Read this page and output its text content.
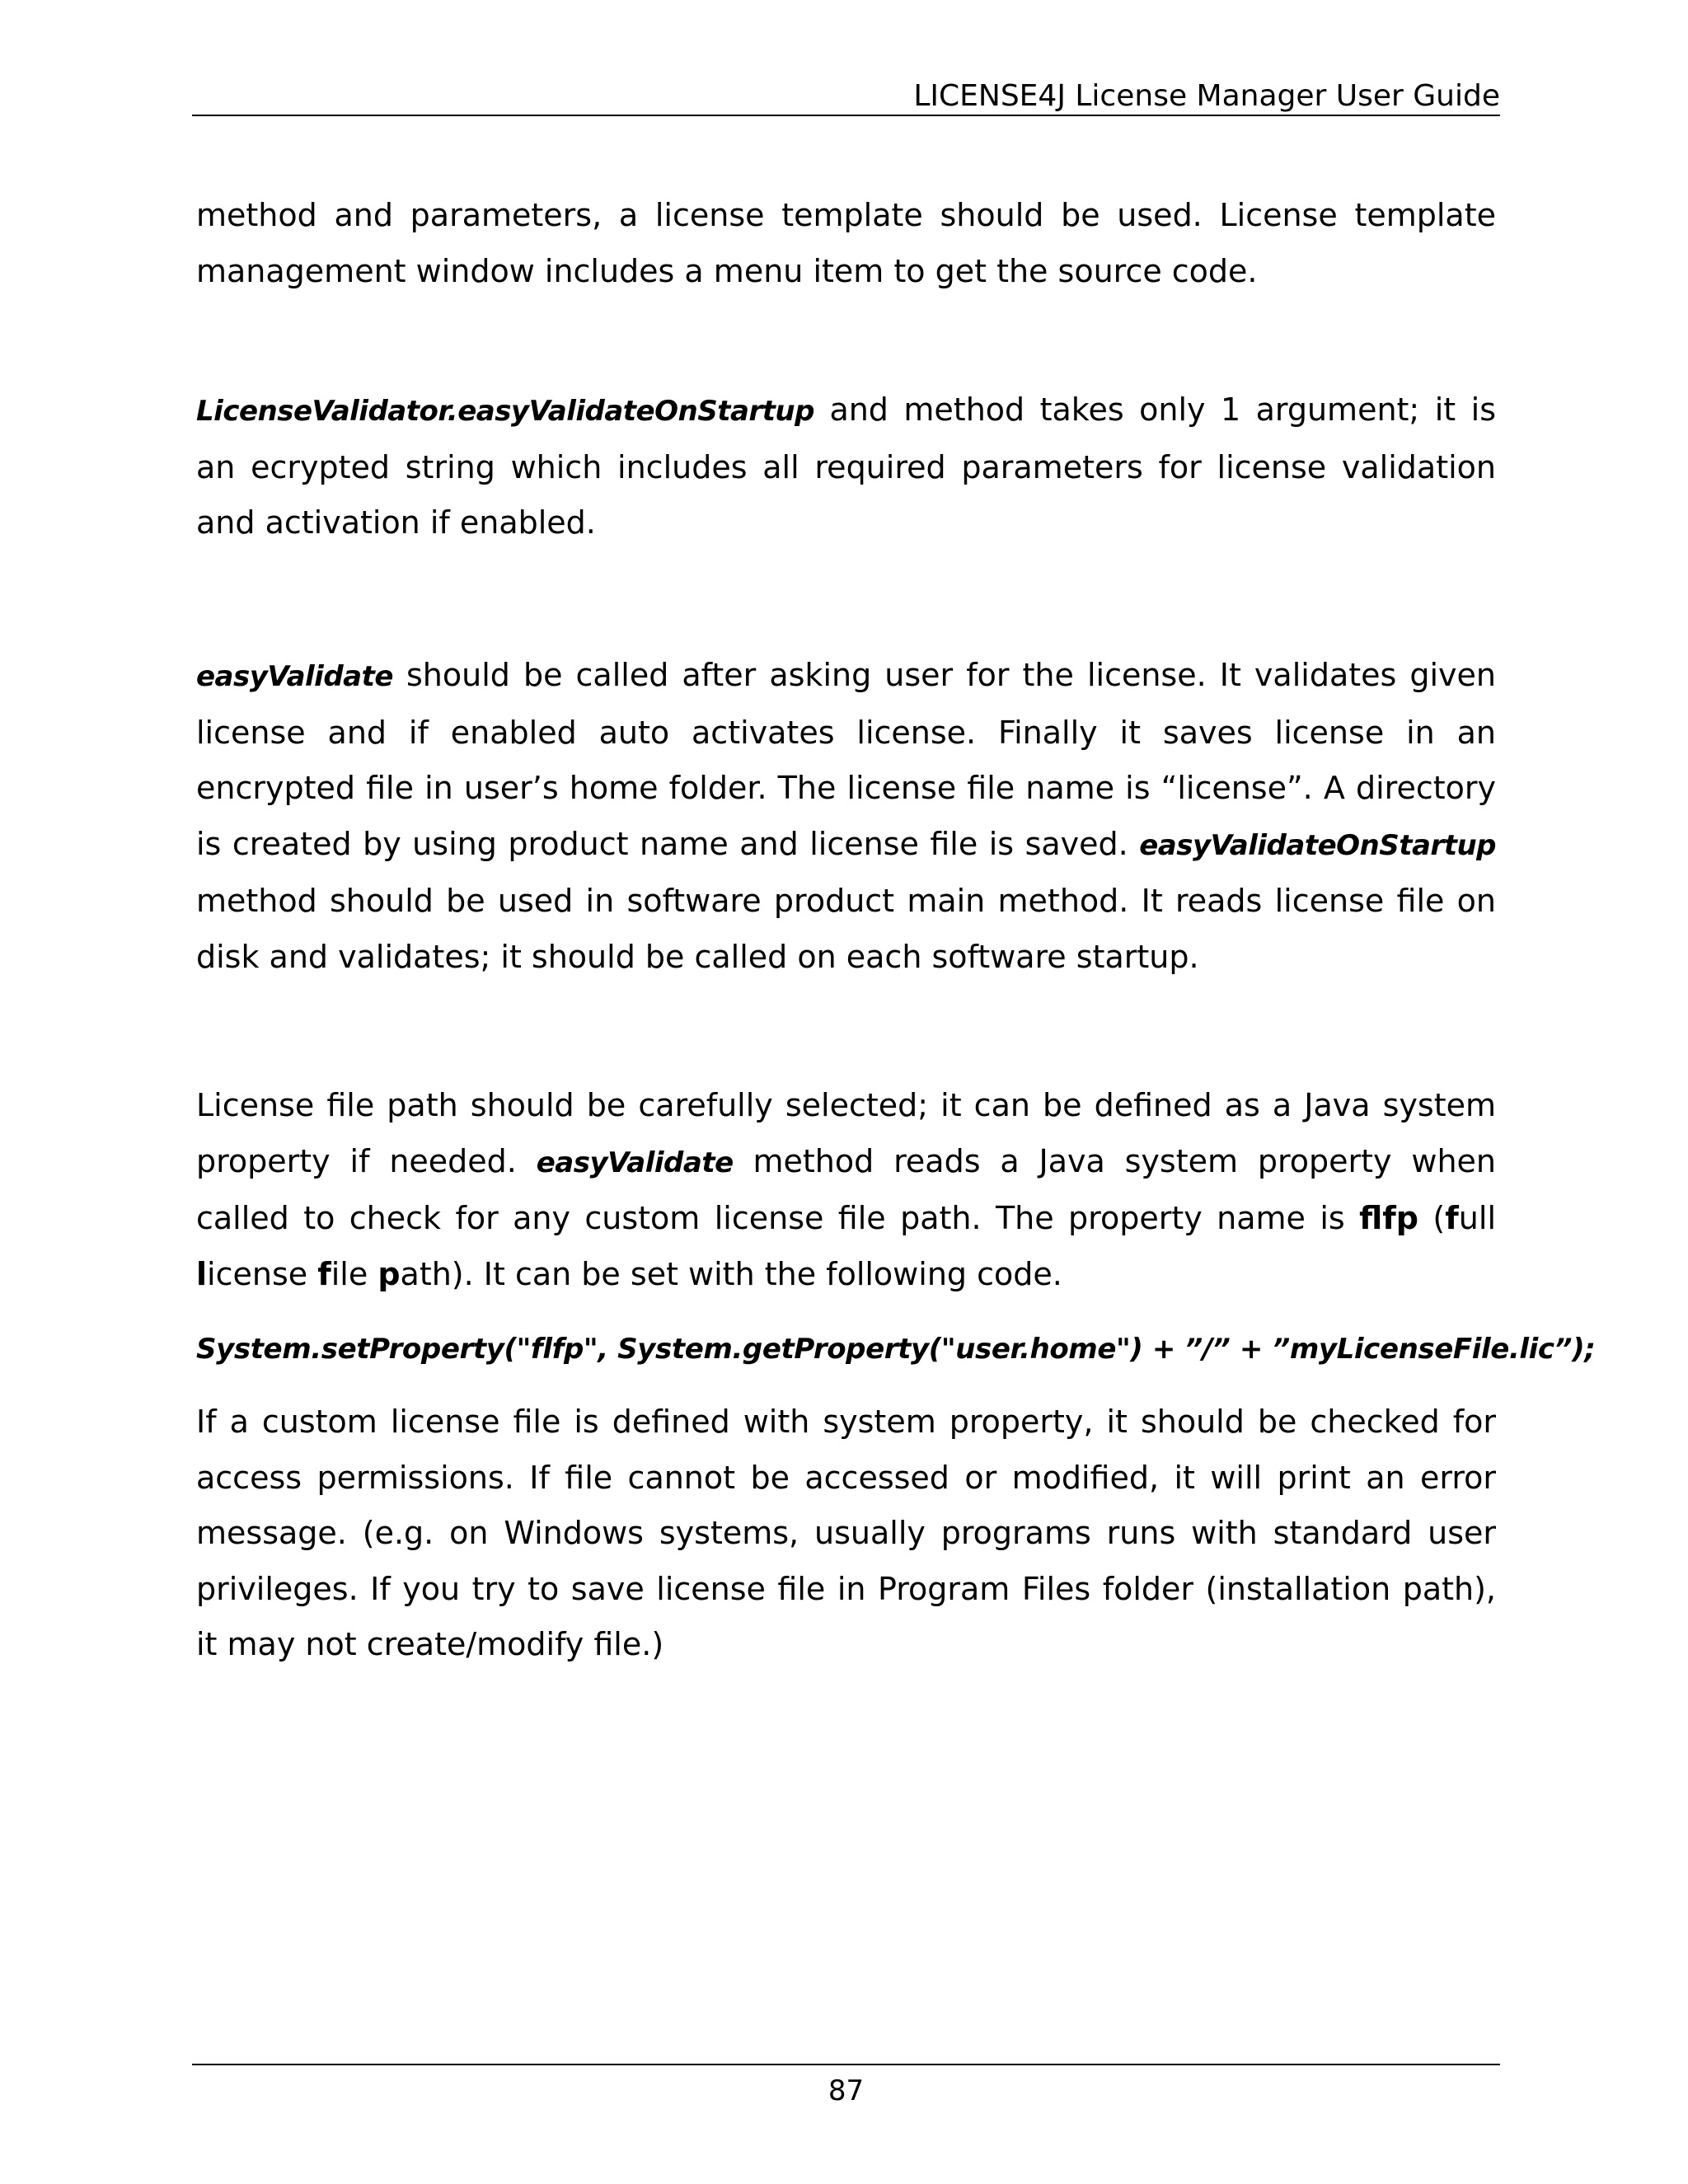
LICENSE4J License Manager User Guide

method and parameters, a license template should be used. License template management window includes a menu item to get the source code.

LicenseValidator.easyValidateOnStartup and method takes only 1 argument; it is an ecrypted string which includes all required parameters for license validation and activation if enabled.

easyValidate should be called after asking user for the license. It validates given license and if enabled auto activates license. Finally it saves license in an encrypted file in user’s home folder. The license file name is “license”. A directory is created by using product name and license file is saved. easyValidateOnStartup method should be used in software product main method. It reads license file on disk and validates; it should be called on each software startup.

License file path should be carefully selected; it can be defined as a Java system property if needed. easyValidate method reads a Java system property when called to check for any custom license file path. The property name is flfp (full license file path). It can be set with the following code.

System.setProperty("flfp", System.getProperty("user.home") + ”/” + ”myLicenseFile.lic”);

If a custom license file is defined with system property, it should be checked for access permissions. If file cannot be accessed or modified, it will print an error message. (e.g. on Windows systems, usually programs runs with standard user privileges. If you try to save license file in Program Files folder (installation path), it may not create/modify file.)

87
